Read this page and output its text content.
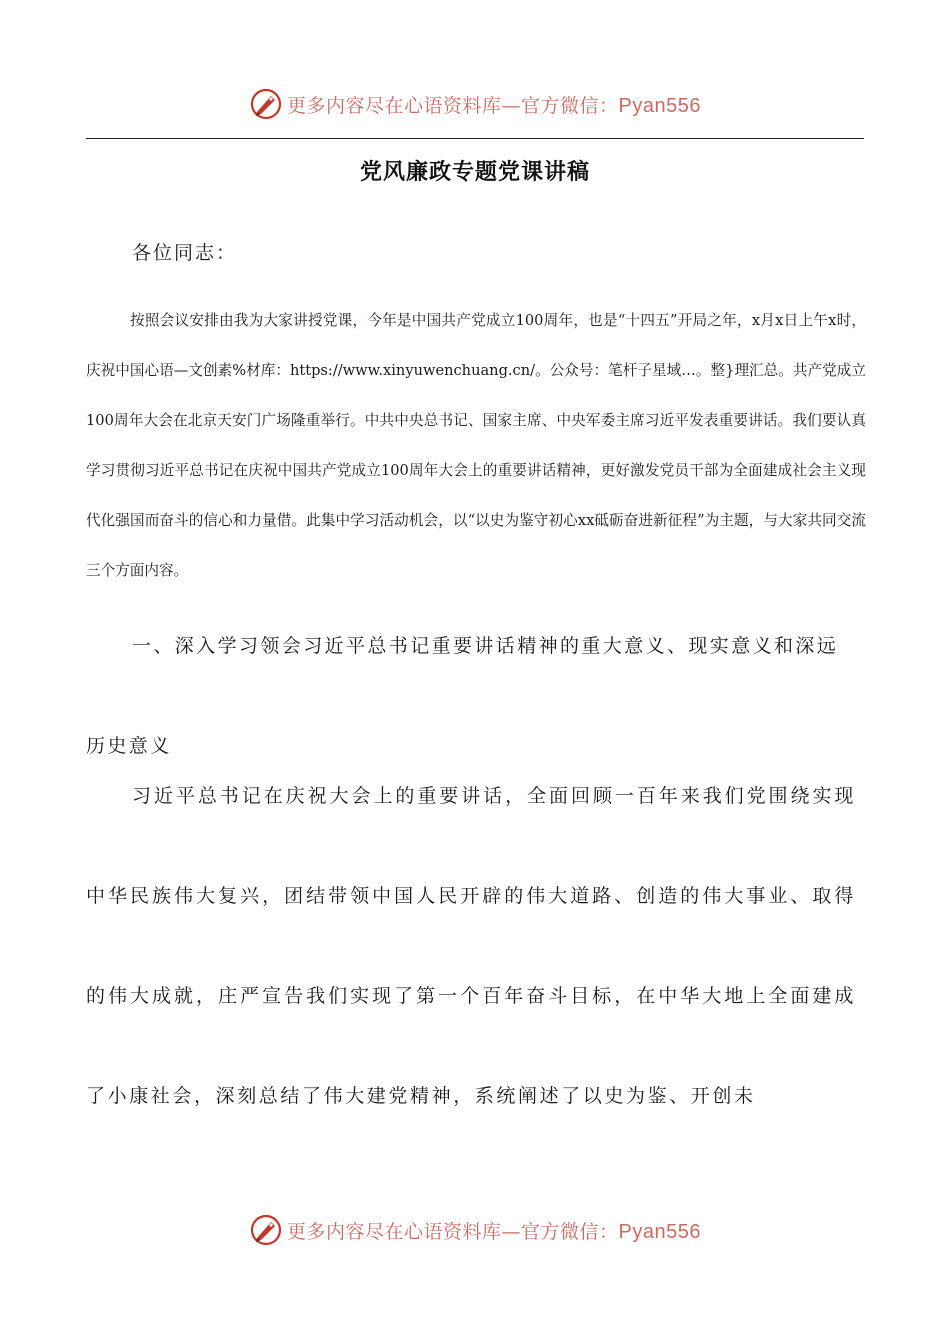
更多内容尽在心语资料库—官方微信：Pyan556
党风廉政专题党课讲稿
各位同志：

按照会议安排由我为大家讲授党课，今年是中国共产党成立100周年，也是“十四五”开局之年，x月x日上午x时，庆祝中国心语—文创素%材库：https://www.xinyuwenchuang.cn/。公众号：笔杆子星域…。整}理汇总。共产党成立100周年大会在北京天安门广场隆重举行。中共中央总书记、国家主席、中央军委主席习近平发表重要讲话。我们要认真学习贯彻习近平总书记在庆祝中国共产党成立100周年大会上的重要讲话精神，更好激发党员干部为全面建成社会主义现代化强国而奋斗的信心和力量借。此集中学习活动机会，以“以史为鉴守初心xx砥砺奋进新征程”为主题，与大家共同交流三个方面内容。

一、深入学习领会习近平总书记重要讲话精神的重大意义、现实意义和深远历史意义

习近平总书记在庆祝大会上的重要讲话，全面回顾一百年来我们党围绕实现中华民族伟大复兴，团结带领中国人民开辟的伟大道路、创造的伟大事业、取得的伟大成就，庄严宣告我们实现了第一个百年奋斗目标，在中华大地上全面建成了小康社会，深刻总结了伟大建党精神，系统阐述了以史为鉴、开创未

更多内容尽在心语资料库—官方微信：Pyan556
